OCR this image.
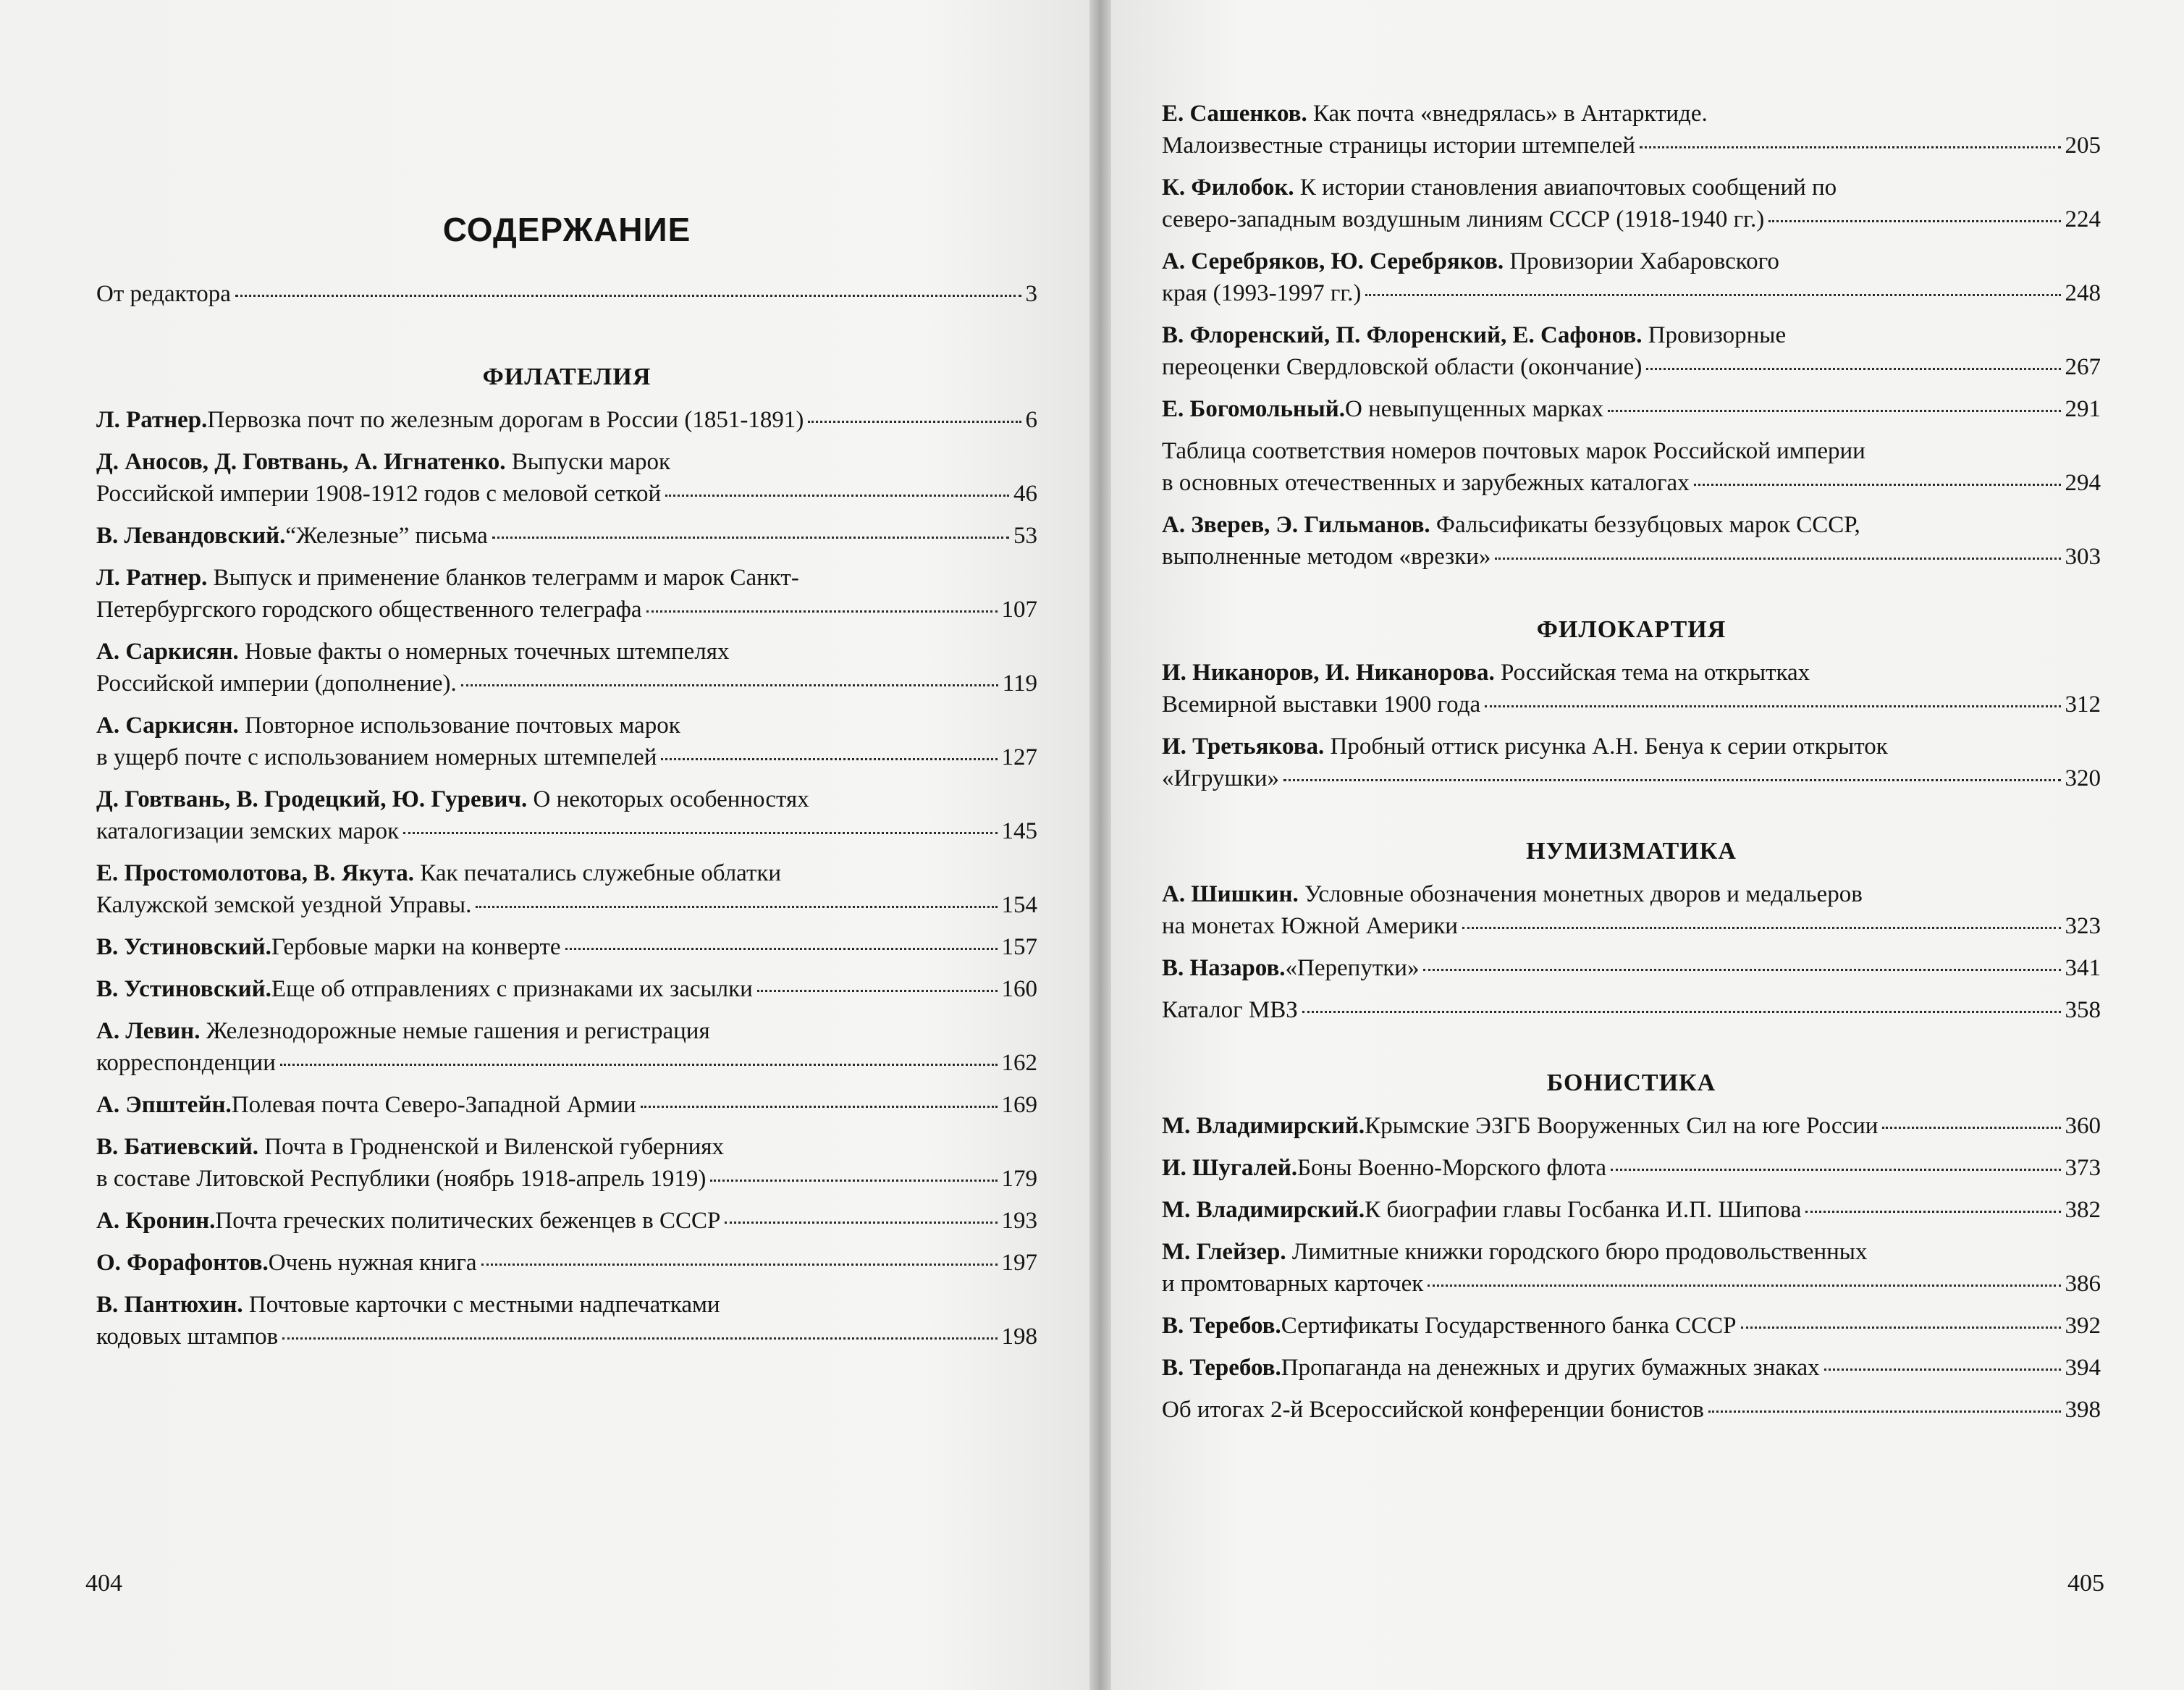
СОДЕРЖАНИЕ
От редактора	3
ФИЛАТЕЛИЯ
Л. Ратнер. Первозка почт по железным дорогам в России (1851-1891)	6
Д. Аносов, Д. Говтвань, А. Игнатенко. Выпуски марок
Российской империи 1908-1912 годов с меловой сеткой	46
В. Левандовский. “Железные” письма	53
Л. Ратнер. Выпуск и применение бланков телеграмм и марок Санкт-
Петербургского городского общественного телеграфа	107
А. Саркисян. Новые факты о номерных точечных штемпелях
Российской империи (дополнение).	119
А. Саркисян. Повторное использование почтовых марок
в ущерб почте с использованием номерных штемпелей	127
Д. Говтвань, В. Гродецкий, Ю. Гуревич. О некоторых особенностях
каталогизации земских марок	145
Е. Простомолотова, В. Якута. Как печатались служебные облатки
Калужской земской уездной Управы.	154
В. Устиновский. Гербовые марки на конверте	157
В. Устиновский. Еще об отправлениях с признаками их засылки	160
А. Левин. Железнодорожные немые гашения и регистрация
корреспонденции	162
А. Эпштейн. Полевая почта Северо-Западной Армии	169
В. Батиевский. Почта в Гродненской и Виленской губерниях
в составе Литовской Республики (ноябрь 1918-апрель 1919)	179
А. Кронин. Почта греческих политических беженцев в СССР	193
О. Форафонтов. Очень нужная книга	197
В. Пантюхин. Почтовые карточки с местными надпечатками
кодовых штампов	198
404
Е. Сашенков. Как почта «внедрялась» в Антарктиде.
Малоизвестные страницы истории штемпелей	205
К. Филобок. К истории становления авиапочтовых сообщений по
северо-западным воздушным линиям СССР (1918-1940 гг.)	224
А. Серебряков, Ю. Серебряков. Провизории Хабаровского
края (1993-1997 гг.)	248
В. Флоренский, П. Флоренский, Е. Сафонов. Провизорные
переоценки Свердловской области (окончание)	267
Е. Богомольный. О невыпущенных марках	291
Таблица соответствия номеров почтовых марок Российской империи
в основных отечественных и зарубежных каталогах	294
А. Зверев, Э. Гильманов. Фальсификаты беззубцовых марок СССР,
выполненные методом «врезки»	303
ФИЛОКАРТИЯ
И. Никаноров, И. Никанорова. Российская тема на открытках
Всемирной выставки 1900 года	312
И. Третьякова. Пробный оттиск рисунка А.Н. Бенуа к серии открыток
«Игрушки»	320
НУМИЗМАТИКА
А. Шишкин. Условные обозначения монетных дворов и медальеров
на монетах Южной Америки	323
В. Назаров. «Перепутки»	341
Каталог МВЗ	358
БОНИСТИКА
М. Владимирский. Крымские ЭЗГБ Вооруженных Сил на юге России	360
И. Шугалей. Боны Военно-Морского флота	373
М. Владимирский. К биографии главы Госбанка И.П. Шипова	382
М. Глейзер. Лимитные книжки городского бюро продовольственных
и промтоварных карточек	386
В. Теребов. Сертификаты Государственного банка СССР	392
В. Теребов. Пропаганда на денежных и других бумажных знаках	394
Об итогах 2-й Всероссийской конференции бонистов	398
405
